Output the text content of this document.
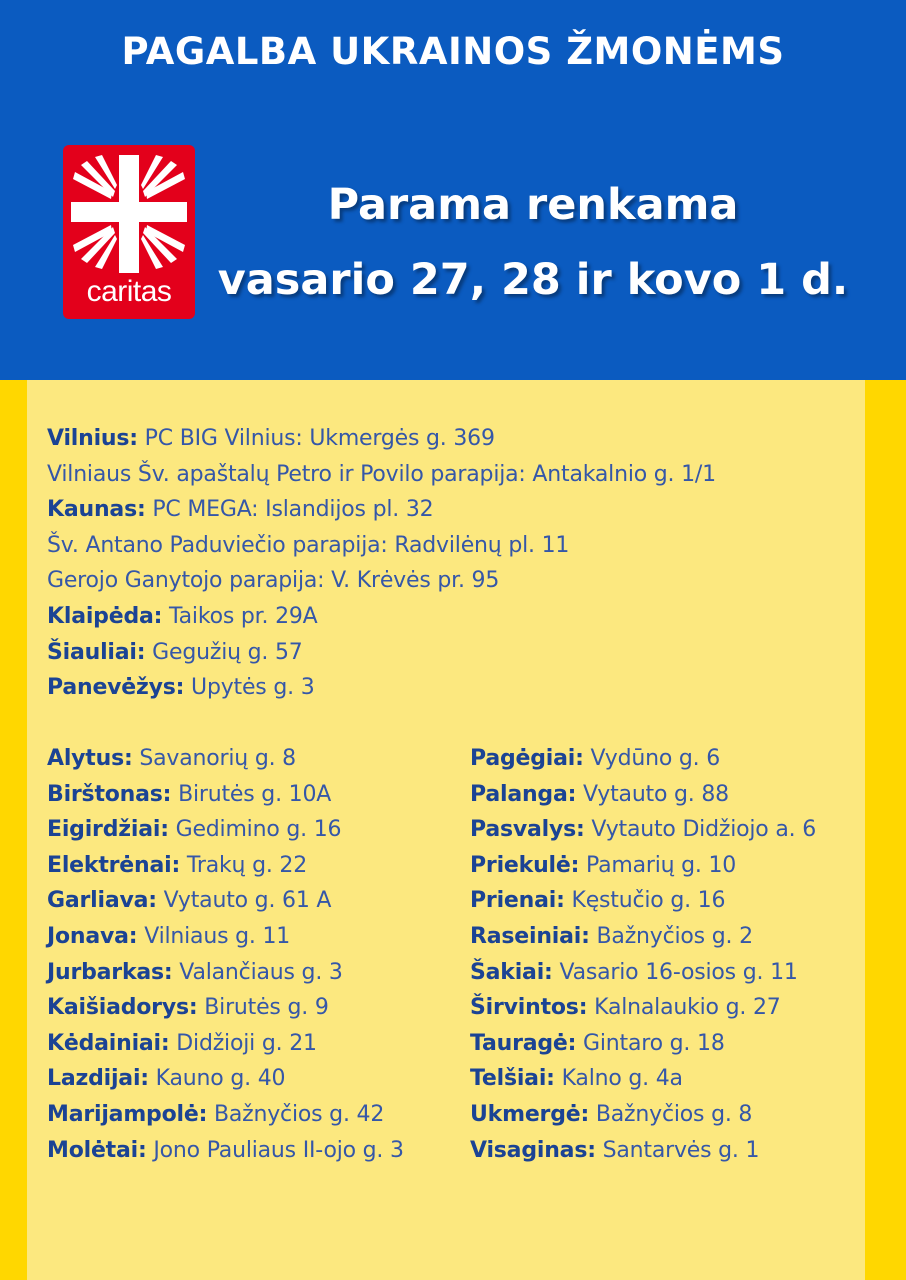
PAGALBA UKRAINOS ŽMONĖMS
caritas
Parama renkama
vasario 27, 28 ir kovo 1 d.
Vilnius: PC BIG Vilnius: Ukmergės g. 369
Vilniaus Šv. apaštalų Petro ir Povilo parapija: Antakalnio g. 1/1
Kaunas: PC MEGA: Islandijos pl. 32
Šv. Antano Paduviečio parapija: Radvilėnų pl. 11
Gerojo Ganytojo parapija: V. Krėvės pr. 95
Klaipėda: Taikos pr. 29A
Šiauliai: Gegužių g. 57
Panevėžys: Upytės g. 3
Alytus: Savanorių g. 8
Birštonas: Birutės g. 10A
Eigirdžiai: Gedimino g. 16
Elektrėnai: Trakų g. 22
Garliava: Vytauto g. 61 A
Jonava: Vilniaus g. 11
Jurbarkas: Valančiaus g. 3
Kaišiadorys: Birutės g. 9
Kėdainiai: Didžioji g. 21
Lazdijai: Kauno g. 40
Marijampolė: Bažnyčios g. 42
Molėtai: Jono Pauliaus II-ojo g. 3
Pagėgiai: Vydūno g. 6
Palanga: Vytauto g. 88
Pasvalys: Vytauto Didžiojo a. 6
Priekulė: Pamarių g. 10
Prienai: Kęstučio g. 16
Raseiniai: Bažnyčios g. 2
Šakiai: Vasario 16-osios g. 11
Širvintos: Kalnalaukio g. 27
Tauragė: Gintaro g. 18
Telšiai: Kalno g. 4a
Ukmergė: Bažnyčios g. 8
Visaginas: Santarvės g. 1
